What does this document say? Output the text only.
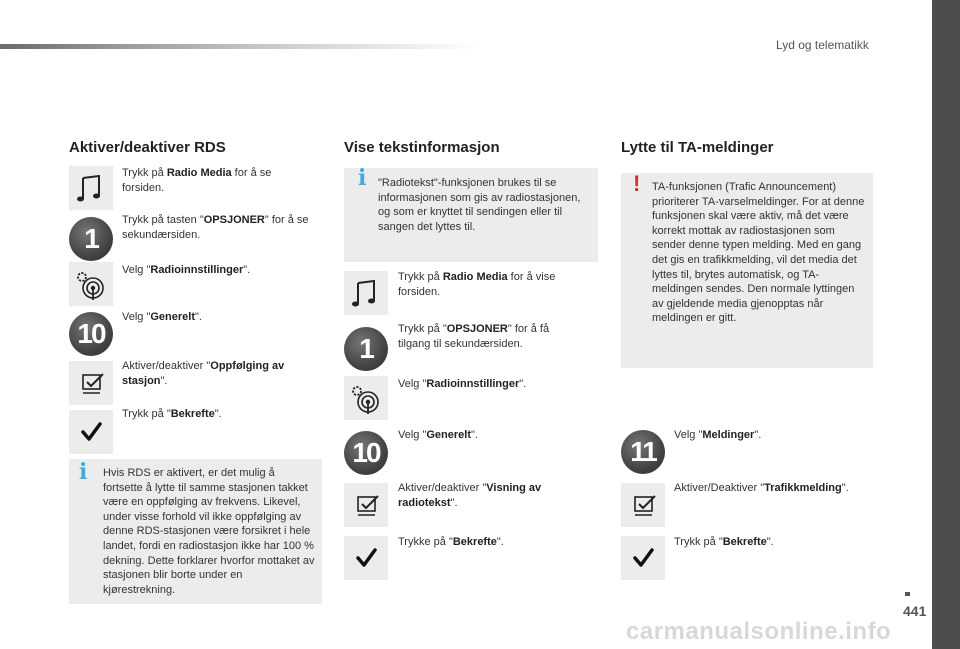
Lyd og telematikk
Aktiver/deaktiver RDS
Trykk på Radio Media for å se forsiden.
1
Trykk på tasten "OPSJONER" for å se sekundærsiden.
Velg "Radioinnstillinger".
10
Velg "Generelt".
Aktiver/deaktiver "Oppfølging av stasjon".
Trykk på "Bekrefte".
i Hvis RDS er aktivert, er det mulig å fortsette å lytte til samme stasjonen takket være en oppfølging av frekvens. Likevel, under visse forhold vil ikke oppfølging av denne RDS-stasjonen være forsikret i hele landet, fordi en radiostasjon ikke har 100 % dekning. Dette forklarer hvorfor mottaket av stasjonen blir borte under en kjørestrekning.
Vise tekstinformasjon
i "Radiotekst"-funksjonen brukes til se informasjonen som gis av radiostasjonen, og som er knyttet til sendingen eller til sangen det lyttes til.
Trykk på Radio Media for å vise forsiden.
1
Trykk på "OPSJONER" for å få tilgang til sekundærsiden.
Velg "Radioinnstillinger".
10
Velg "Generelt".
Aktiver/deaktiver "Visning av radiotekst".
Trykke på "Bekrefte".
Lytte til TA-meldinger
! TA-funksjonen (Trafic Announcement) prioriterer TA-varselmeldinger. For at denne funksjonen skal være aktiv, må det være korrekt mottak av radiostasjonen som sender denne typen melding. Med en gang det gis en trafikkmelding, vil det media det lyttes til, brytes automatisk, og TA-meldingen sendes. Den normale lyttingen av gjeldende media gjenopptas når meldingen er gitt.
11
Velg "Meldinger".
Aktiver/Deaktiver "Trafikkmelding".
Trykk på "Bekrefte".
441
carmanualsonline.info
